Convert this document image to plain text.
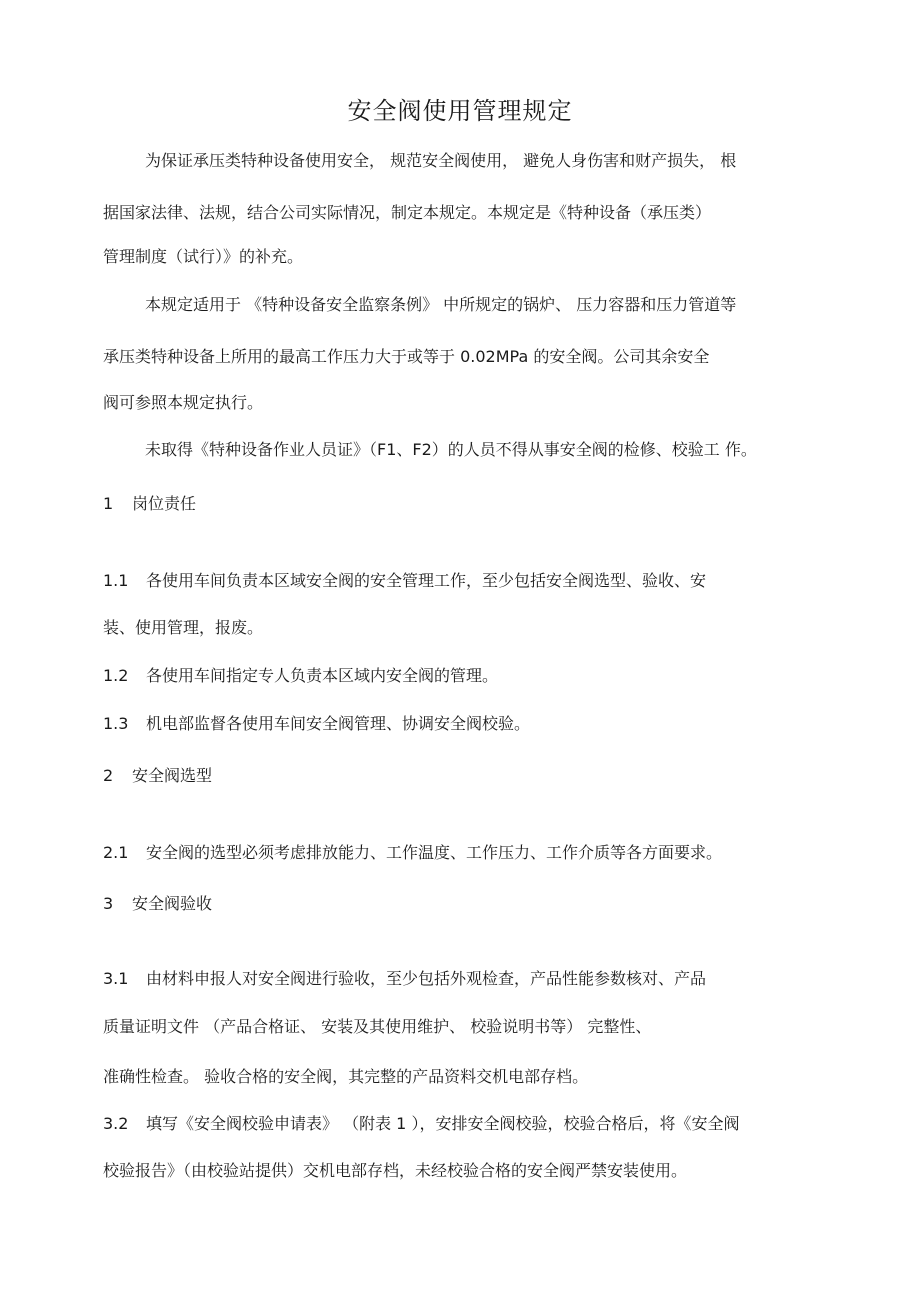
安全阀使用管理规定
为保证承压类特种设备使用安全， 规范安全阀使用， 避免人身伤害和财产损失， 根
据国家法律、法规，结合公司实际情况，制定本规定。本规定是《特种设备（承压类）
管理制度（试行）》的补充。
本规定适用于 《特种设备安全监察条例》 中所规定的锅炉、 压力容器和压力管道等
承压类特种设备上所用的最高工作压力大于或等于 0.02MPa 的安全阀。公司其余安全
阀可参照本规定执行。
未取得《特种设备作业人员证》（F1、F2）的人员不得从事安全阀的检修、校验工 作。
1 岗位责任
1.1 各使用车间负责本区域安全阀的安全管理工作，至少包括安全阀选型、验收、安
装、使用管理，报废。
1.2 各使用车间指定专人负责本区域内安全阀的管理。
1.3 机电部监督各使用车间安全阀管理、协调安全阀校验。
2 安全阀选型
2.1 安全阀的选型必须考虑排放能力、工作温度、工作压力、工作介质等各方面要求。
3 安全阀验收
3.1 由材料申报人对安全阀进行验收，至少包括外观检查，产品性能参数核对、产品
质量证明文件 （产品合格证、 安装及其使用维护、 校验说明书等） 完整性、
准确性检查。 验收合格的安全阀，其完整的产品资料交机电部存档。
3.2 填写《安全阀校验申请表》 （附表 1 ），安排安全阀校验，校验合格后，将《安全阀
校验报告》（由校验站提供）交机电部存档，未经校验合格的安全阀严禁安装使用。
